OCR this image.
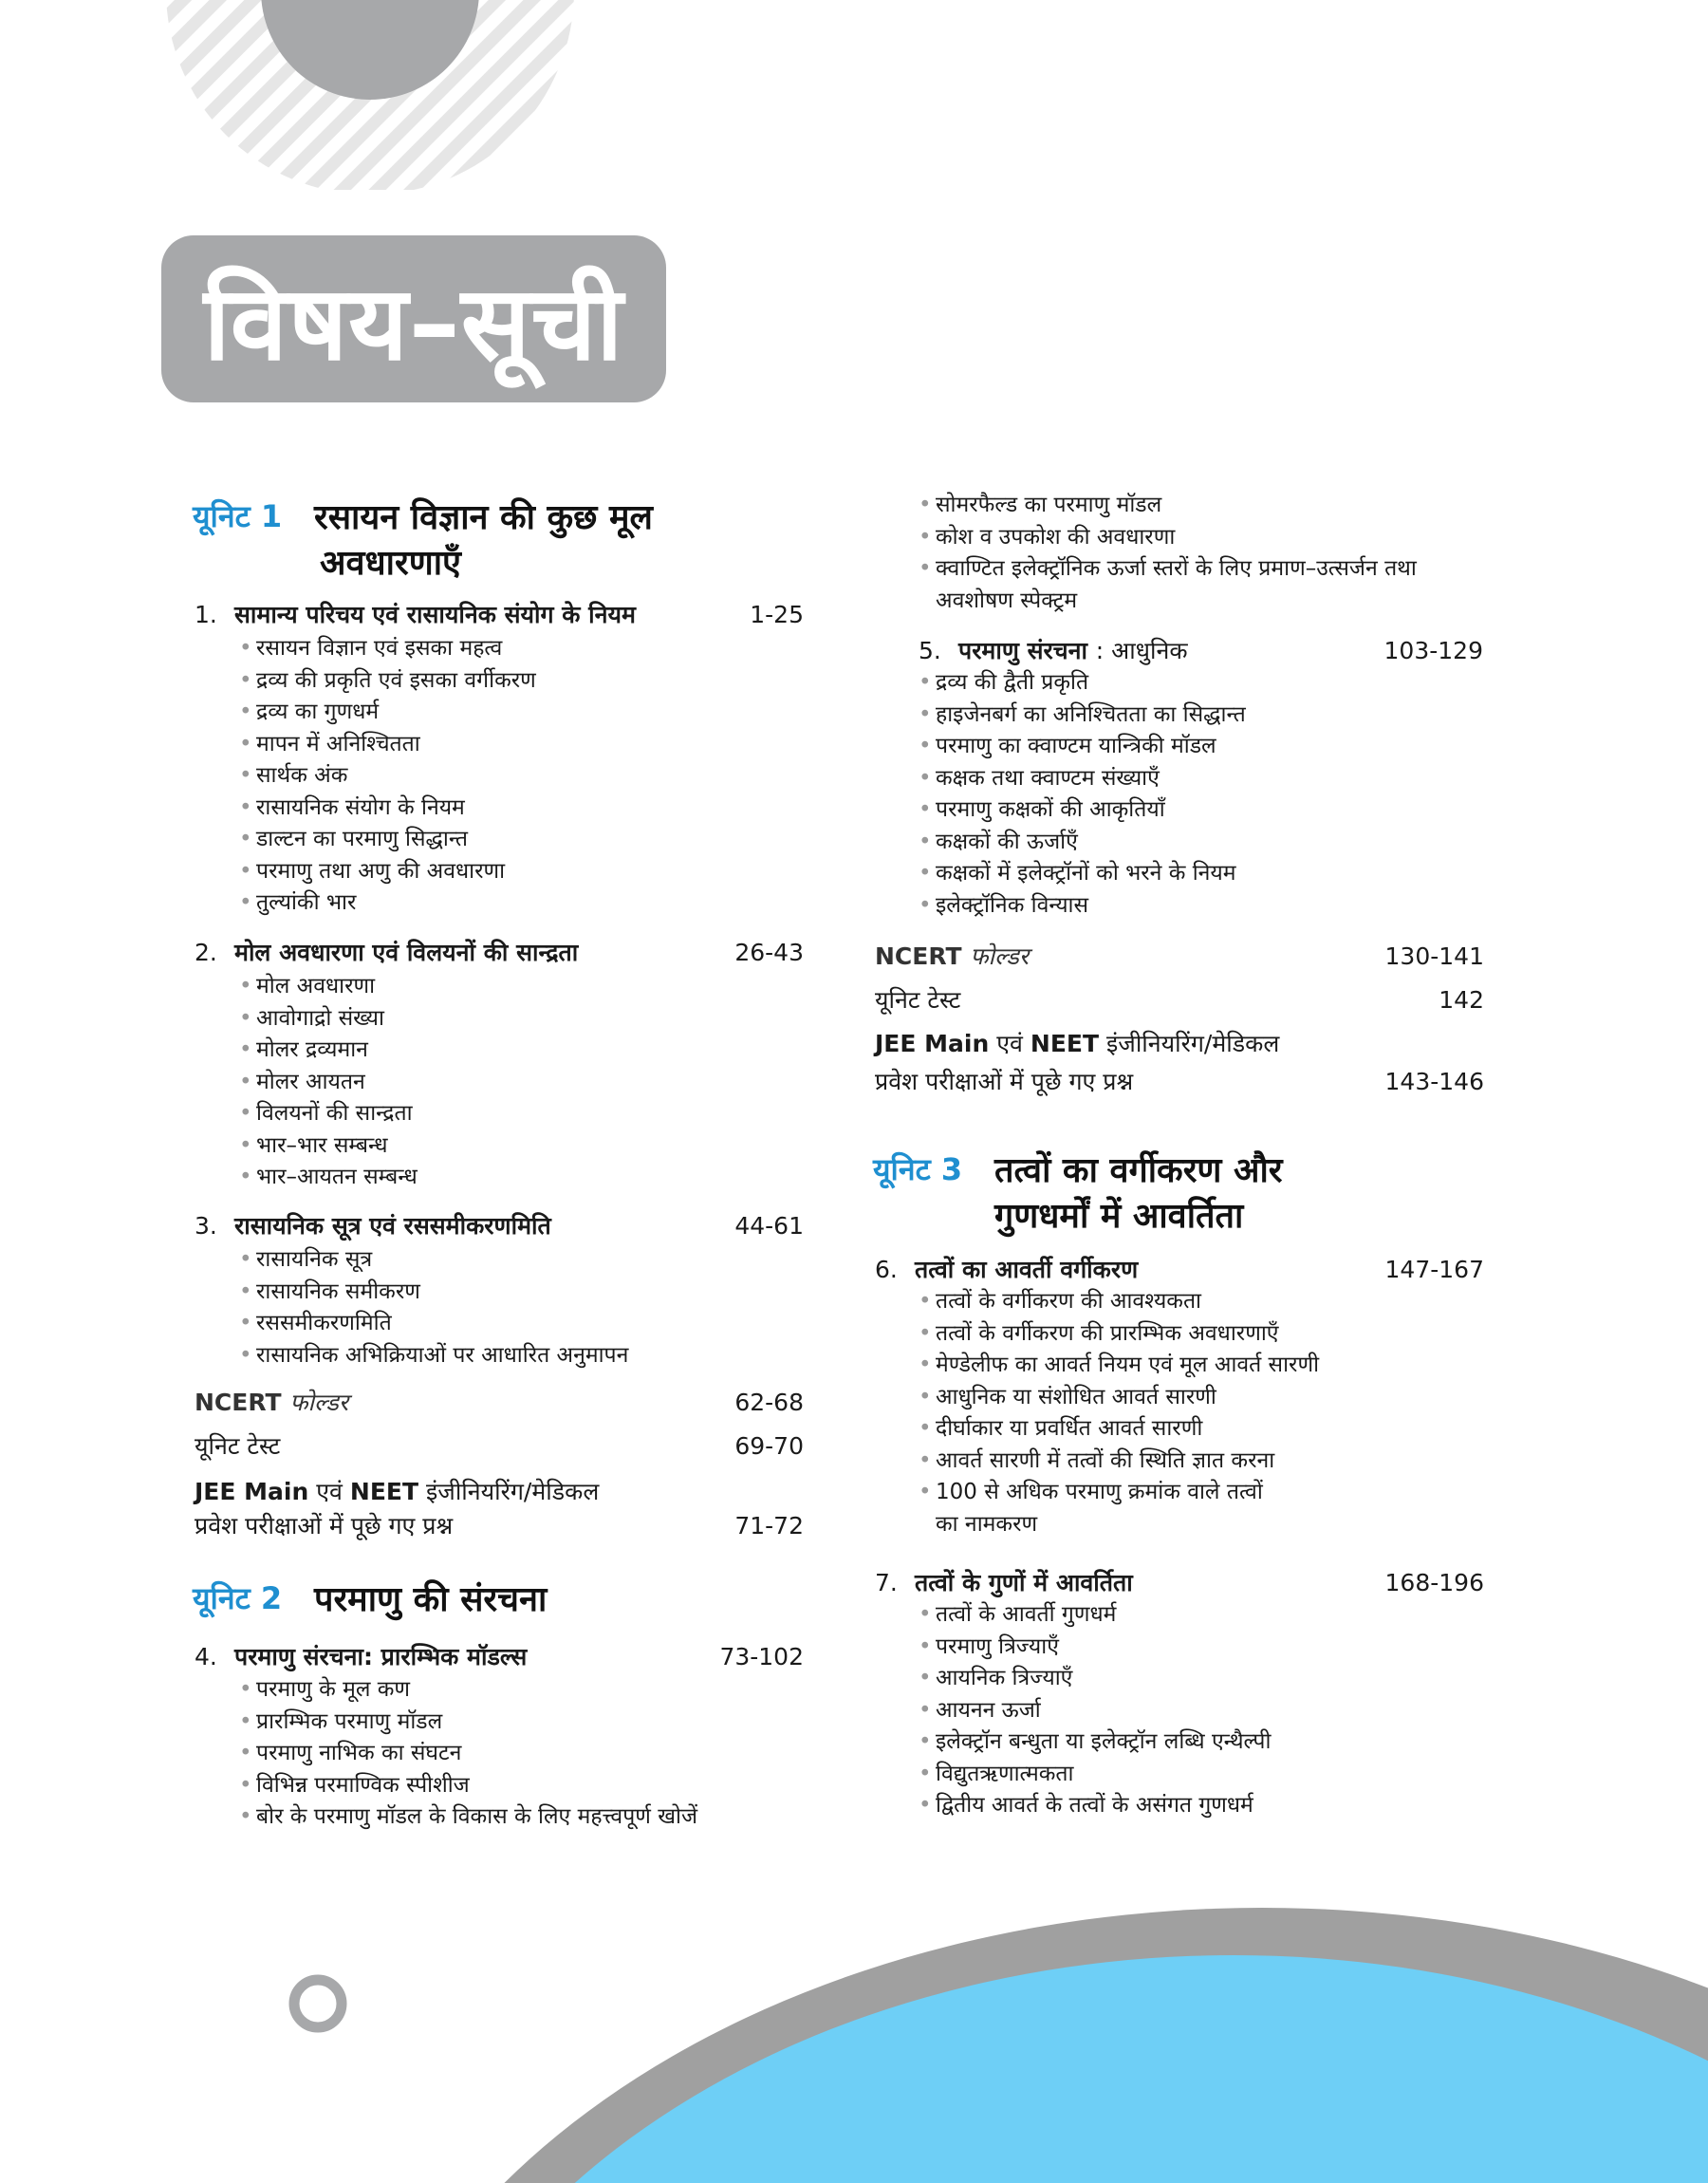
विषय–सूची
यूनिट 1 रसायन विज्ञान की कुछ मूल
अवधारणाएँ
1. सामान्य परिचय एवं रासायनिक संयोग के नियम	1-25
• रसायन विज्ञान एवं इसका महत्व
• द्रव्य की प्रकृति एवं इसका वर्गीकरण
• द्रव्य का गुणधर्म
• मापन में अनिश्चितता
• सार्थक अंक
• रासायनिक संयोग के नियम
• डाल्टन का परमाणु सिद्धान्त
• परमाणु तथा अणु की अवधारणा
• तुल्यांकी भार
2. मोल अवधारणा एवं विलयनों की सान्द्रता	26-43
• मोल अवधारणा
• आवोगाद्रो संख्या
• मोलर द्रव्यमान
• मोलर आयतन
• विलयनों की सान्द्रता
• भार–भार सम्बन्ध
• भार–आयतन सम्बन्ध
3. रासायनिक सूत्र एवं रससमीकरणमिति	44-61
• रासायनिक सूत्र
• रासायनिक समीकरण
• रससमीकरणमिति
• रासायनिक अभिक्रियाओं पर आधारित अनुमापन
NCERT फोल्डर	62-68
यूनिट टेस्ट	69-70
JEE Main एवं NEET इंजीनियरिंग/मेडिकल
प्रवेश परीक्षाओं में पूछे गए प्रश्न	71-72
यूनिट 2 परमाणु की संरचना
4. परमाणु संरचना: प्रारम्भिक मॉडल्स	73-102
• परमाणु के मूल कण
• प्रारम्भिक परमाणु मॉडल
• परमाणु नाभिक का संघटन
• विभिन्न परमाण्विक स्पीशीज
• बोर के परमाणु मॉडल के विकास के लिए महत्त्वपूर्ण खोजें
• सोमरफैल्ड का परमाणु मॉडल
• कोश व उपकोश की अवधारणा
• क्वाण्टित इलेक्ट्रॉनिक ऊर्जा स्तरों के लिए प्रमाण–उत्सर्जन तथा
अवशोषण स्पेक्ट्रम
5. परमाणु संरचना : आधुनिक	103-129
• द्रव्य की द्वैती प्रकृति
• हाइजेनबर्ग का अनिश्चितता का सिद्धान्त
• परमाणु का क्वाण्टम यान्त्रिकी मॉडल
• कक्षक तथा क्वाण्टम संख्याएँ
• परमाणु कक्षकों की आकृतियाँ
• कक्षकों की ऊर्जाएँ
• कक्षकों में इलेक्ट्रॉनों को भरने के नियम
• इलेक्ट्रॉनिक विन्यास
NCERT फोल्डर	130-141
यूनिट टेस्ट	142
JEE Main एवं NEET इंजीनियरिंग/मेडिकल
प्रवेश परीक्षाओं में पूछे गए प्रश्न	143-146
यूनिट 3 तत्वों का वर्गीकरण और
गुणधर्मों में आवर्तिता
6. तत्वों का आवर्ती वर्गीकरण	147-167
• तत्वों के वर्गीकरण की आवश्यकता
• तत्वों के वर्गीकरण की प्रारम्भिक अवधारणाएँ
• मेण्डेलीफ का आवर्त नियम एवं मूल आवर्त सारणी
• आधुनिक या संशोधित आवर्त सारणी
• दीर्घाकार या प्रवर्धित आवर्त सारणी
• आवर्त सारणी में तत्वों की स्थिति ज्ञात करना
• 100 से अधिक परमाणु क्रमांक वाले तत्वों
का नामकरण
7. तत्वों के गुणों में आवर्तिता	168-196
• तत्वों के आवर्ती गुणधर्म
• परमाणु त्रिज्याएँ
• आयनिक त्रिज्याएँ
• आयनन ऊर्जा
• इलेक्ट्रॉन बन्धुता या इलेक्ट्रॉन लब्धि एन्थैल्पी
• विद्युतऋणात्मकता
• द्वितीय आवर्त के तत्वों के असंगत गुणधर्म
